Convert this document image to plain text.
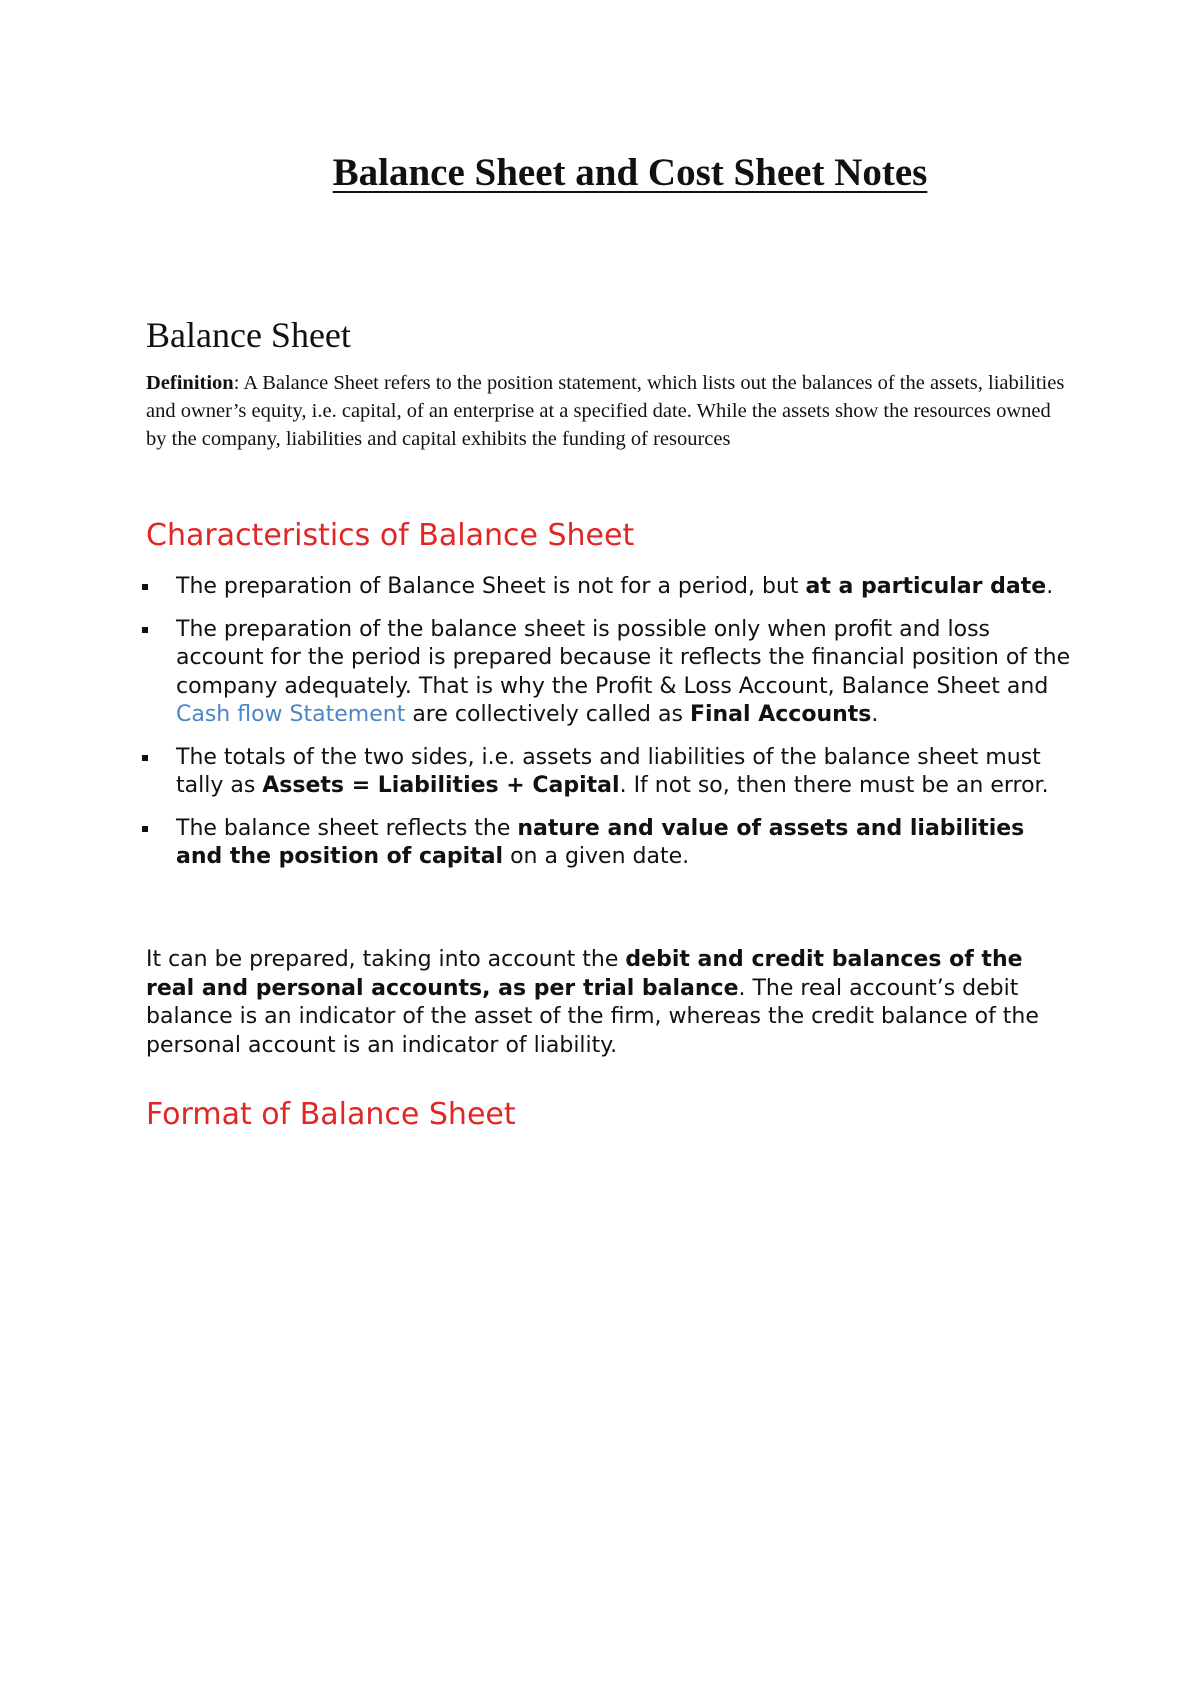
Balance Sheet and Cost Sheet Notes
Balance Sheet

Definition: A Balance Sheet refers to the position statement, which lists out the balances of the assets, liabilities and owner’s equity, i.e. capital, of an enterprise at a specified date. While the assets show the resources owned by the company, liabilities and capital exhibits the funding of resources

Characteristics of Balance Sheet
The preparation of Balance Sheet is not for a period, but at a particular date.
The preparation of the balance sheet is possible only when profit and loss account for the period is prepared because it reflects the financial position of the company adequately. That is why the Profit & Loss Account, Balance Sheet and Cash flow Statement are collectively called as Final Accounts.
The totals of the two sides, i.e. assets and liabilities of the balance sheet must tally as Assets = Liabilities + Capital. If not so, then there must be an error.
The balance sheet reflects the nature and value of assets and liabilities and the position of capital on a given date.

It can be prepared, taking into account the debit and credit balances of the real and personal accounts, as per trial balance. The real account’s debit balance is an indicator of the asset of the firm, whereas the credit balance of the personal account is an indicator of liability.

Format of Balance Sheet
